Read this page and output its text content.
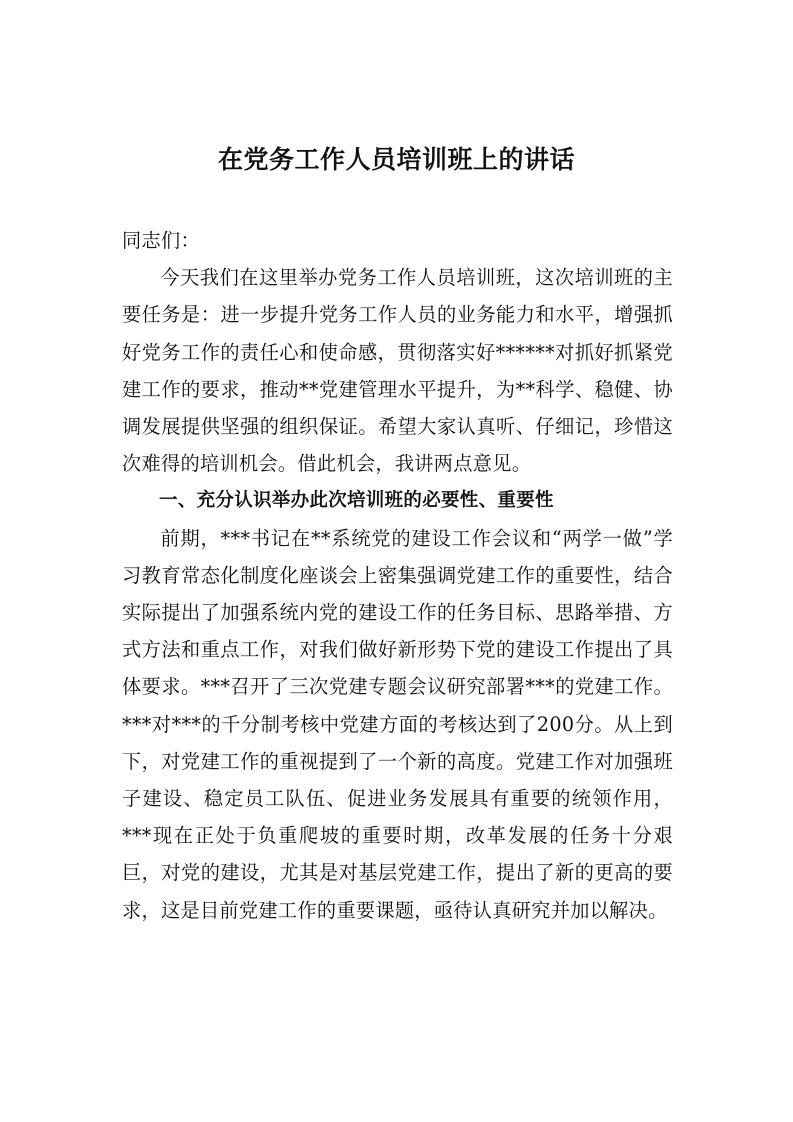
在党务工作人员培训班上的讲话

同志们：

今天我们在这里举办党务工作人员培训班，这次培训班的主要任务是：进一步提升党务工作人员的业务能力和水平，增强抓好党务工作的责任心和使命感，贯彻落实好******对抓好抓紧党建工作的要求，推动**党建管理水平提升，为**科学、稳健、协调发展提供坚强的组织保证。希望大家认真听、仔细记，珍惜这次难得的培训机会。借此机会，我讲两点意见。

一、充分认识举办此次培训班的必要性、重要性

前期，***书记在**系统党的建设工作会议和“两学一做”学习教育常态化制度化座谈会上密集强调党建工作的重要性，结合实际提出了加强系统内党的建设工作的任务目标、思路举措、方式方法和重点工作，对我们做好新形势下党的建设工作提出了具体要求。***召开了三次党建专题会议研究部署***的党建工作。***对***的千分制考核中党建方面的考核达到了200分。从上到下，对党建工作的重视提到了一个新的高度。党建工作对加强班子建设、稳定员工队伍、促进业务发展具有重要的统领作用，***现在正处于负重爬坡的重要时期，改革发展的任务十分艰巨，对党的建设，尤其是对基层党建工作，提出了新的更高的要求，这是目前党建工作的重要课题，亟待认真研究并加以解决。
